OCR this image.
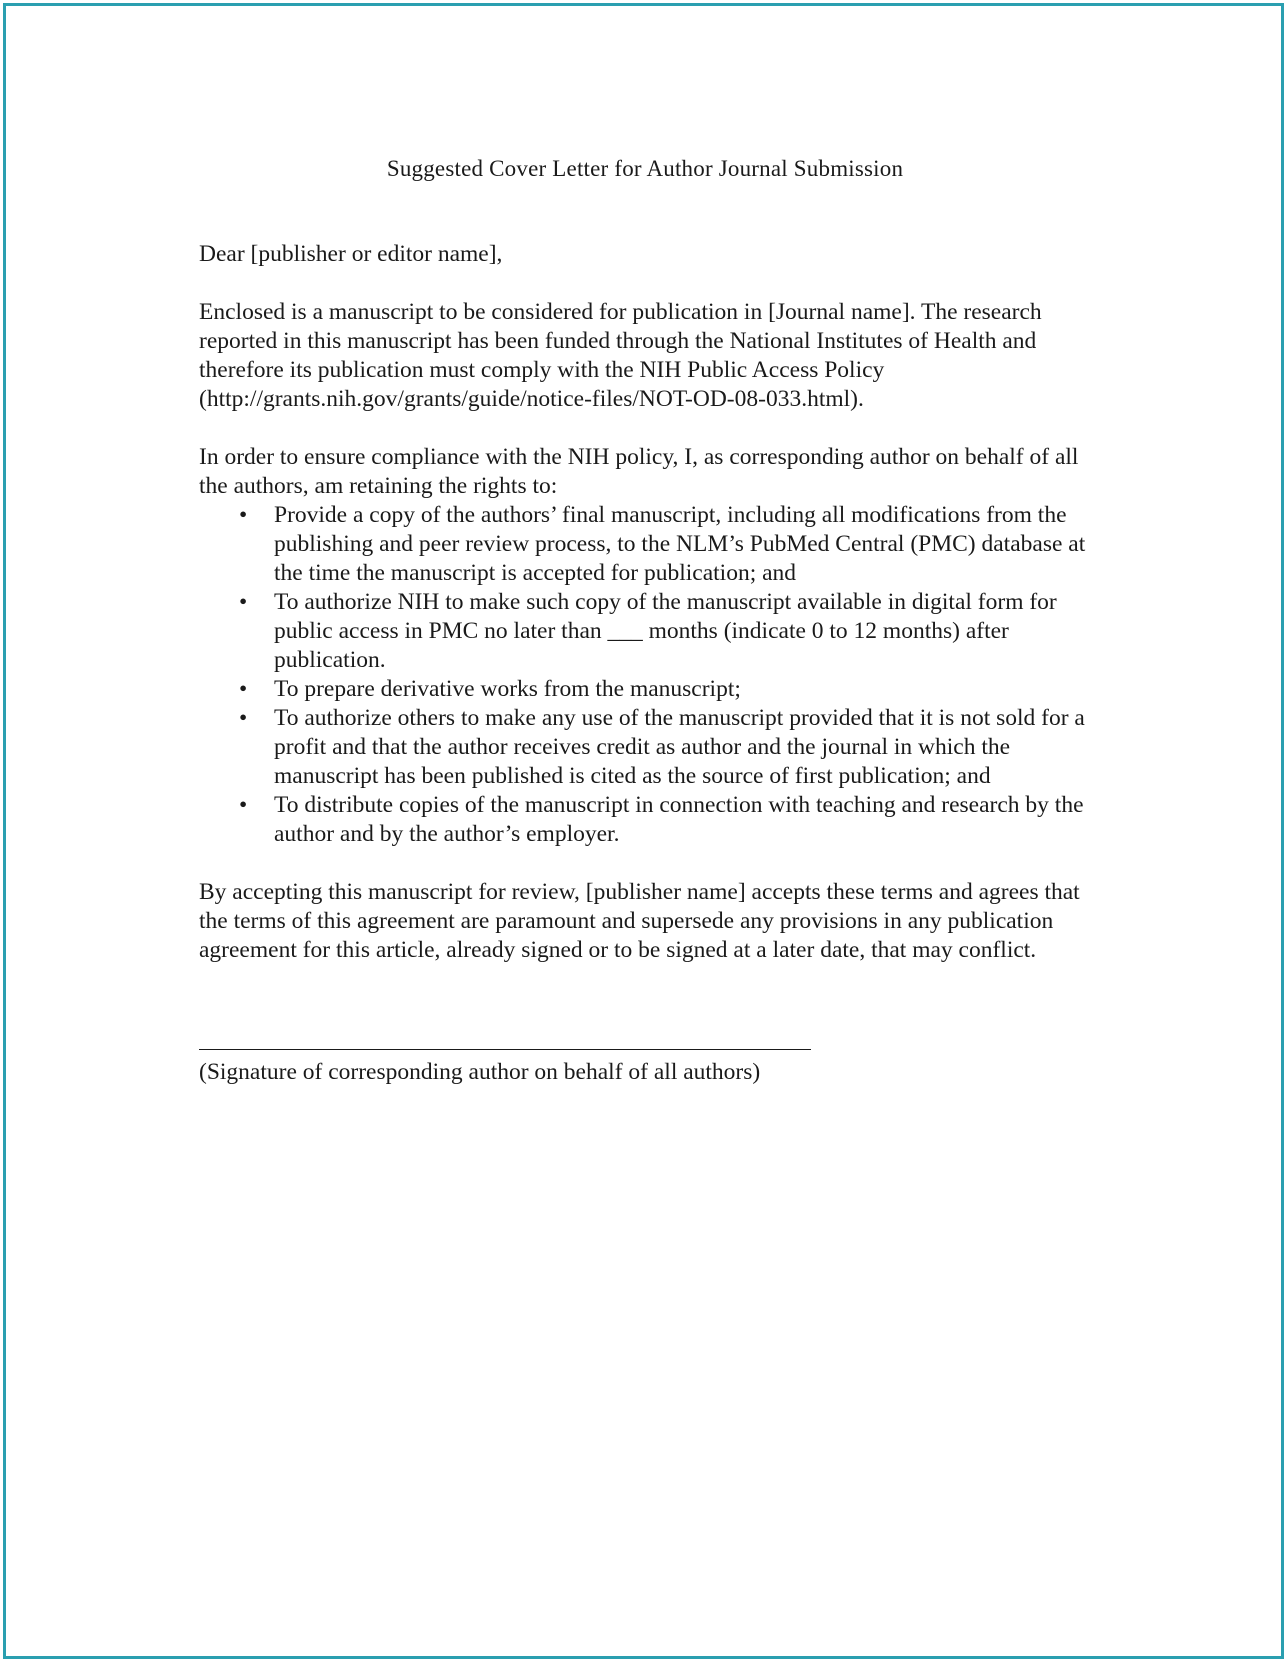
Suggested Cover Letter for Author Journal Submission
Dear [publisher or editor name],

Enclosed is a manuscript to be considered for publication in [Journal name]. The research reported in this manuscript has been funded through the National Institutes of Health and therefore its publication must comply with the NIH Public Access Policy (http://grants.nih.gov/grants/guide/notice-files/NOT-OD-08-033.html).

In order to ensure compliance with the NIH policy, I, as corresponding author on behalf of all the authors, am retaining the rights to:

• Provide a copy of the authors’ final manuscript, including all modifications from the publishing and peer review process, to the NLM’s PubMed Central (PMC) database at the time the manuscript is accepted for publication; and
• To authorize NIH to make such copy of the manuscript available in digital form for public access in PMC no later than ___ months (indicate 0 to 12 months) after publication.
• To prepare derivative works from the manuscript;
• To authorize others to make any use of the manuscript provided that it is not sold for a profit and that the author receives credit as author and the journal in which the manuscript has been published is cited as the source of first publication; and
• To distribute copies of the manuscript in connection with teaching and research by the author and by the author’s employer.

By accepting this manuscript for review, [publisher name] accepts these terms and agrees that the terms of this agreement are paramount and supersede any provisions in any publication agreement for this article, already signed or to be signed at a later date, that may conflict.

(Signature of corresponding author on behalf of all authors)
